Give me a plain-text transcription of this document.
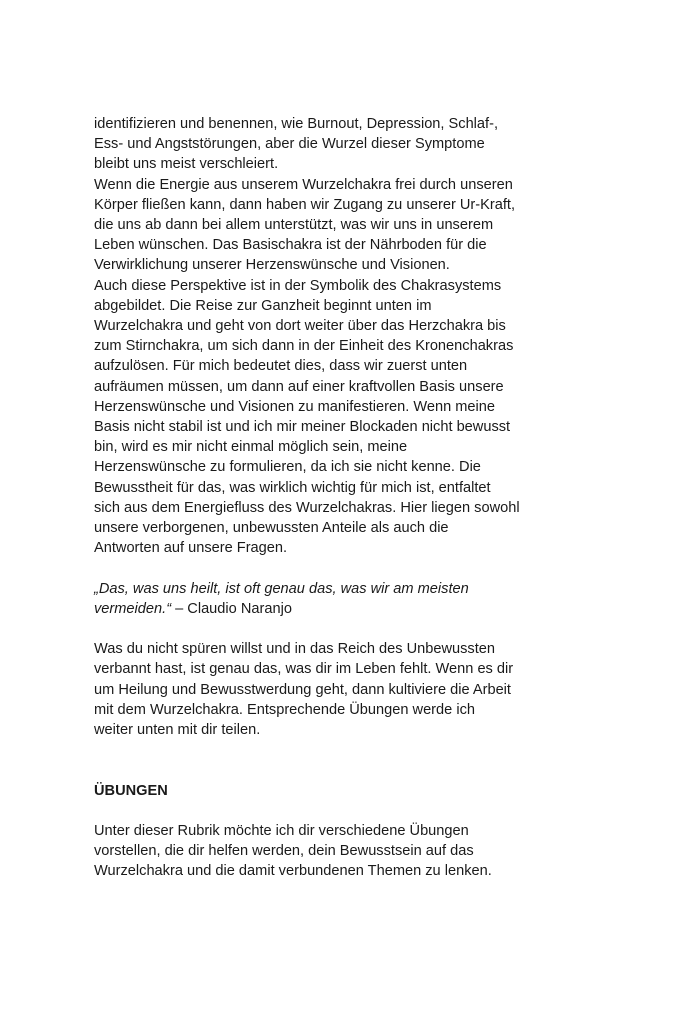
identifizieren und benennen, wie Burnout, Depression, Schlaf-,
Ess- und Angststörungen, aber die Wurzel dieser Symptome
bleibt uns meist verschleiert.
Wenn die Energie aus unserem Wurzelchakra frei durch unseren
Körper fließen kann, dann haben wir Zugang zu unserer Ur-Kraft,
die uns ab dann bei allem unterstützt, was wir uns in unserem
Leben wünschen. Das Basischakra ist der Nährboden für die
Verwirklichung unserer Herzenswünsche und Visionen.
Auch diese Perspektive ist in der Symbolik des Chakrasystems
abgebildet. Die Reise zur Ganzheit beginnt unten im
Wurzelchakra und geht von dort weiter über das Herzchakra bis
zum Stirnchakra, um sich dann in der Einheit des Kronenchakras
aufzulösen. Für mich bedeutet dies, dass wir zuerst unten
aufräumen müssen, um dann auf einer kraftvollen Basis unsere
Herzenswünsche und Visionen zu manifestieren. Wenn meine
Basis nicht stabil ist und ich mir meiner Blockaden nicht bewusst
bin, wird es mir nicht einmal möglich sein, meine
Herzenswünsche zu formulieren, da ich sie nicht kenne. Die
Bewusstheit für das, was wirklich wichtig für mich ist, entfaltet
sich aus dem Energiefluss des Wurzelchakras. Hier liegen sowohl
unsere verborgenen, unbewussten Anteile als auch die
Antworten auf unsere Fragen.
„Das, was uns heilt, ist oft genau das, was wir am meisten
vermeiden.“ – Claudio Naranjo
Was du nicht spüren willst und in das Reich des Unbewussten
verbannt hast, ist genau das, was dir im Leben fehlt. Wenn es dir
um Heilung und Bewusstwerdung geht, dann kultiviere die Arbeit
mit dem Wurzelchakra. Entsprechende Übungen werde ich
weiter unten mit dir teilen.
ÜBUNGEN
Unter dieser Rubrik möchte ich dir verschiedene Übungen
vorstellen, die dir helfen werden, dein Bewusstsein auf das
Wurzelchakra und die damit verbundenen Themen zu lenken.
